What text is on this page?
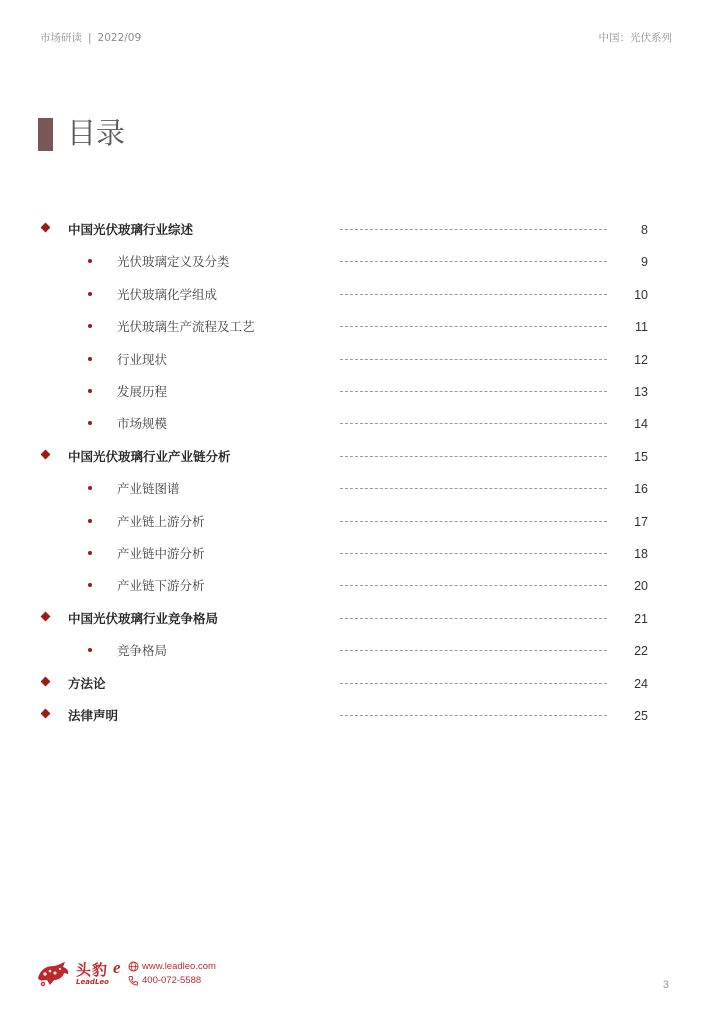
市场研读 | 2022/09	中国：光伏系列
目录
中国光伏玻璃行业综述	8
光伏玻璃定义及分类	9
光伏玻璃化学组成	10
光伏玻璃生产流程及工艺	11
行业现状	12
发展历程	13
市场规模	14
中国光伏玻璃行业产业链分析	15
产业链图谱	16
产业链上游分析	17
产业链中游分析	18
产业链下游分析	20
中国光伏玻璃行业竞争格局	21
竞争格局	22
方法论	24
法律声明	25
头豹 e
LeadLeo
www.leadleo.com
400-072-5588	3
